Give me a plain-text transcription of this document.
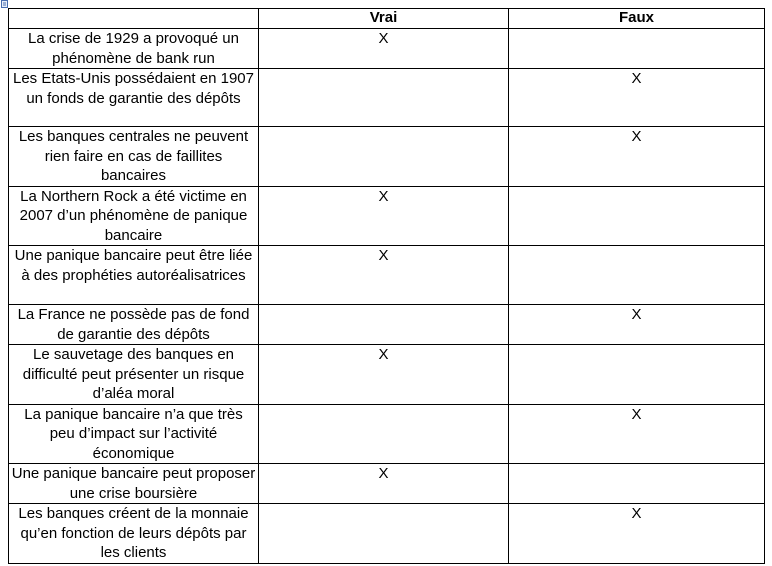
	Vrai	Faux
La crise de 1929 a provoqué un phénomène de bank run	X	
Les Etats-Unis possédaient en 1907 un fonds de garantie des dépôts		X
Les banques centrales ne peuvent rien faire en cas de faillites bancaires		X
La Northern Rock a été victime en 2007 d’un phénomène de panique bancaire	X	
Une panique bancaire peut être liée à des prophéties autoréalisatrices	X	
La France ne possède pas de fond de garantie des dépôts		X
Le sauvetage des banques en difficulté peut présenter un risque d’aléa moral	X	
La panique bancaire n’a que très peu d’impact sur l’activité économique		X
Une panique bancaire peut proposer une crise boursière	X	
Les banques créent de la monnaie qu’en fonction de leurs dépôts par les clients		X
